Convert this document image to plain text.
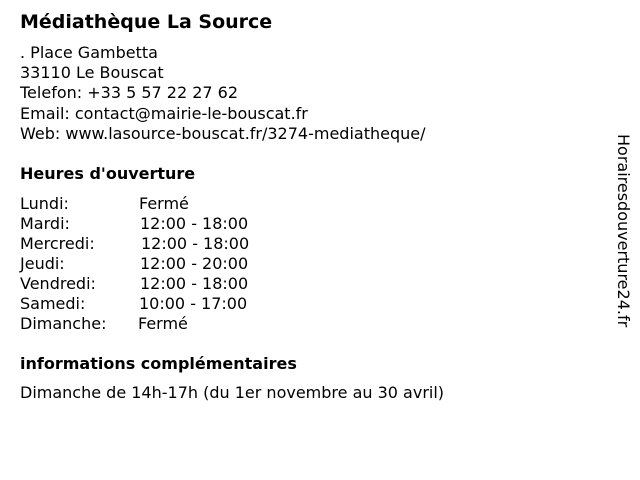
Médiathèque La Source
. Place Gambetta
33110 Le Bouscat
Telefon: +33 5 57 22 27 62
Email: contact@mairie-le-bouscat.fr
Web: www.lasource-bouscat.fr/3274-mediatheque/
Heures d'ouverture
Lundi:	Fermé
Mardi:	12:00 - 18:00
Mercredi:	12:00 - 18:00
Jeudi:	12:00 - 20:00
Vendredi:	12:00 - 18:00
Samedi:	10:00 - 17:00
Dimanche: Fermé
informations complémentaires
Dimanche de 14h-17h (du 1er novembre au 30 avril)
Horairesdouverture24.fr
